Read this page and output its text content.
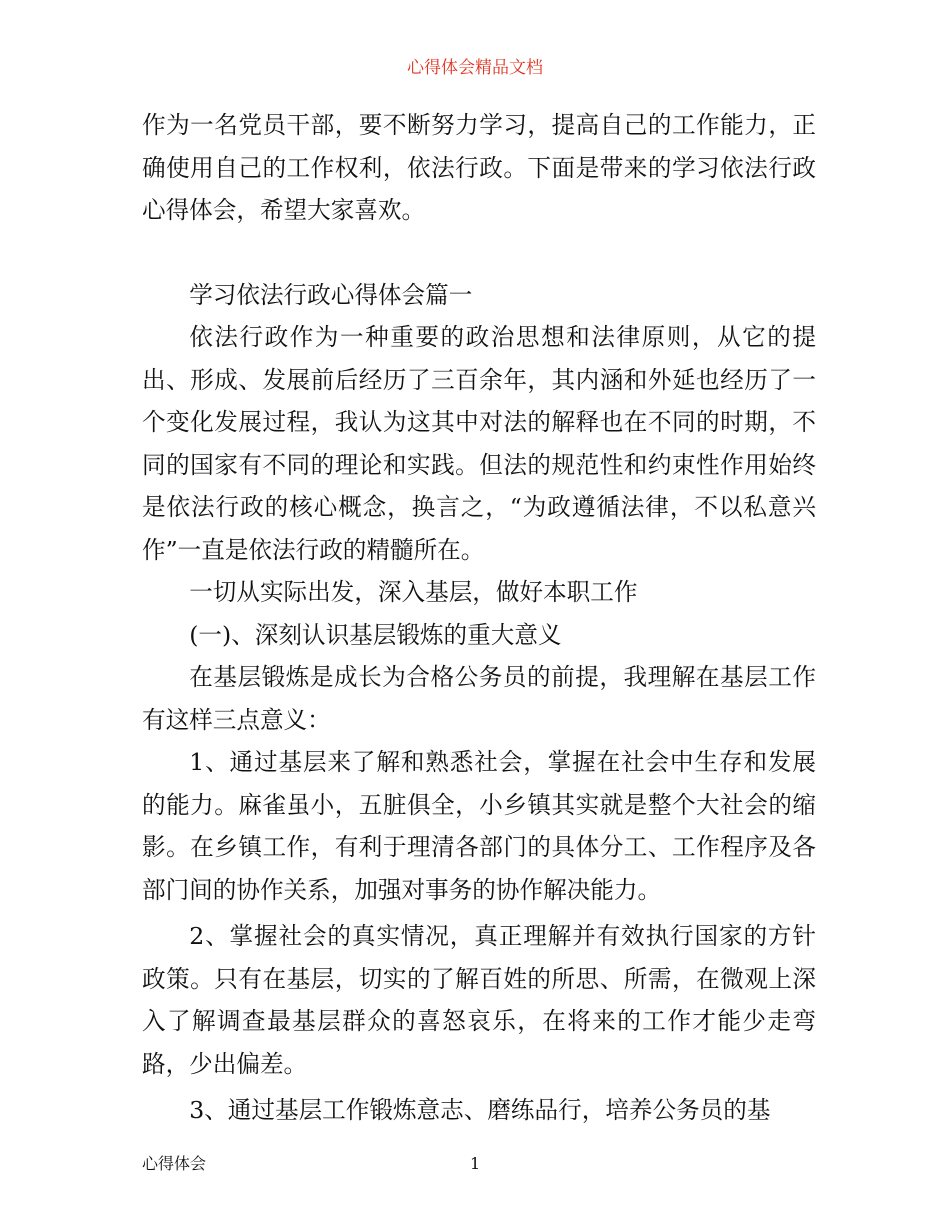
心得体会精品文档

作为一名党员干部，要不断努力学习，提高自己的工作能力，正确使用自己的工作权利，依法行政。下面是带来的学习依法行政心得体会，希望大家喜欢。

学习依法行政心得体会篇一

依法行政作为一种重要的政治思想和法律原则，从它的提出、形成、发展前后经历了三百余年，其内涵和外延也经历了一个变化发展过程，我认为这其中对法的解释也在不同的时期，不同的国家有不同的理论和实践。但法的规范性和约束性作用始终是依法行政的核心概念，换言之，“为政遵循法律，不以私意兴作”一直是依法行政的精髓所在。

一切从实际出发，深入基层，做好本职工作

(一)、深刻认识基层锻炼的重大意义

在基层锻炼是成长为合格公务员的前提，我理解在基层工作有这样三点意义：

1、通过基层来了解和熟悉社会，掌握在社会中生存和发展的能力。麻雀虽小，五脏俱全，小乡镇其实就是整个大社会的缩影。在乡镇工作，有利于理清各部门的具体分工、工作程序及各部门间的协作关系，加强对事务的协作解决能力。

2、掌握社会的真实情况，真正理解并有效执行国家的方针政策。只有在基层，切实的了解百姓的所思、所需，在微观上深入了解调查最基层群众的喜怒哀乐，在将来的工作才能少走弯路，少出偏差。

3、通过基层工作锻炼意志、磨练品行，培养公务员的基

心得体会	1
